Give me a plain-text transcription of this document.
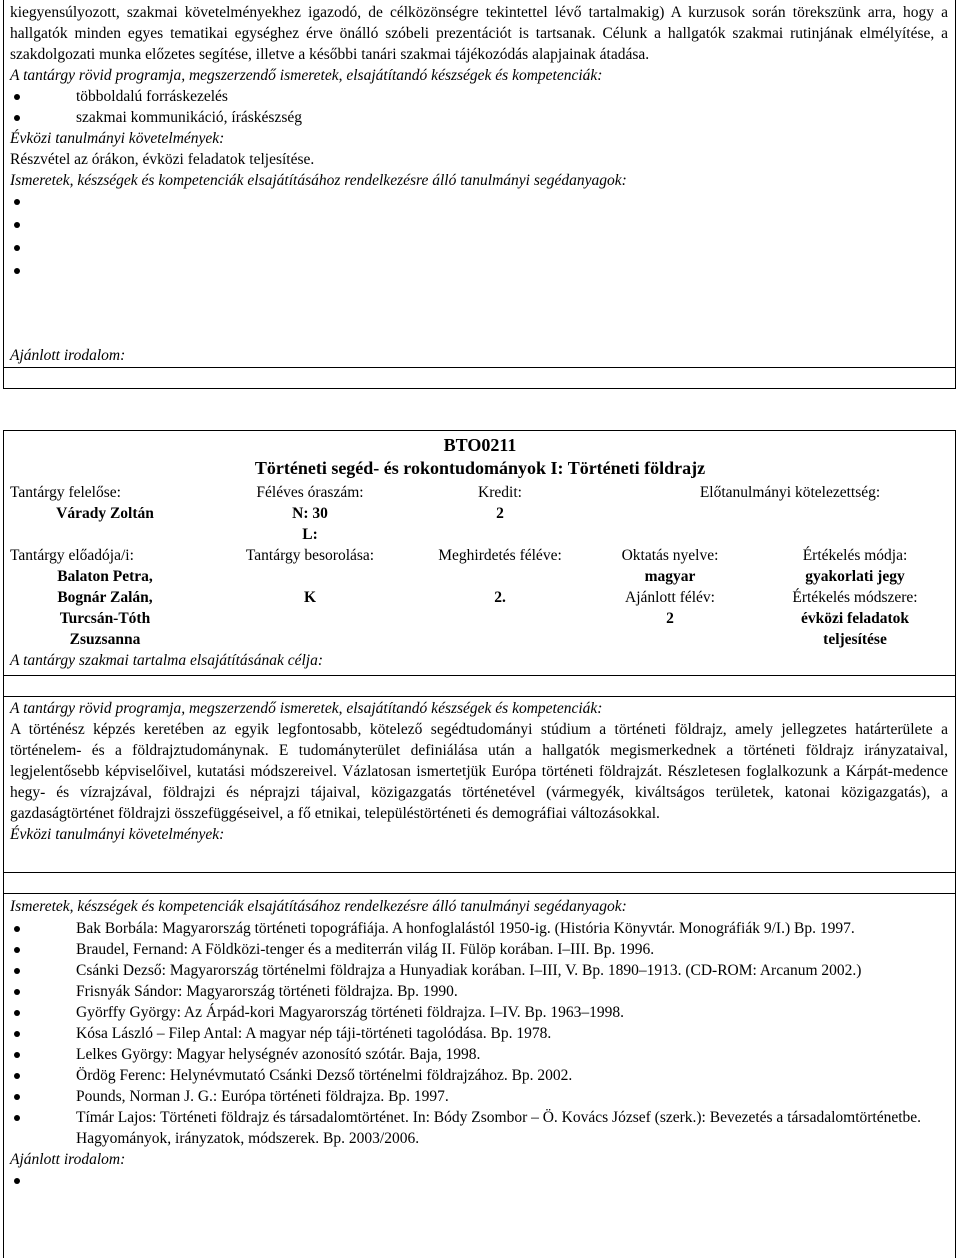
kiegyensúlyozott, szakmai követelményekhez igazodó, de célközönségre tekintettel lévő tartalmakig) A kurzusok során törekszünk arra, hogy a hallgatók minden egyes tematikai egységhez érve önálló szóbeli prezentációt is tartsanak. Célunk a hallgatók szakmai rutinjának elmélyítése, a szakdolgozati munka előzetes segítése, illetve a későbbi tanári szakmai tájékozódás alapjainak átadása.

A tantárgy rövid programja, megszerzendő ismeretek, elsajátítandó készségek és kompetenciák:

többoldalú forráskezelés
szakmai kommunikáció, íráskészség

Évközi tanulmányi követelmények:

Részvétel az órákon, évközi feladatok teljesítése.

Ismeretek, készségek és kompetenciák elsajátításához rendelkezésre álló tanulmányi segédanyagok:

Ajánlott irodalom:

BTO0211
Történeti segéd- és rokontudományok I: Történeti földrajz
Tantárgy felelőse:
Várady Zoltán
Féléves óraszám:
N: 30
L:
Kredit:
2
Előtanulmányi kötelezettség:
Tantárgy előadója/i:
Balaton Petra,
Bognár Zalán,
Turcsán-Tóth
Zsuzsanna
Tantárgy besorolása:
K
Meghirdetés féléve:
2.
Oktatás nyelve:
magyar
Ajánlott félév:
2
Értékelés módja:
gyakorlati jegy
Értékelés módszere:
évközi feladatok
teljesítése
A tantárgy szakmai tartalma elsajátításának célja:

A tantárgy rövid programja, megszerzendő ismeretek, elsajátítandó készségek és kompetenciák:

A történész képzés keretében az egyik legfontosabb, kötelező segédtudományi stúdium a történeti földrajz, amely jellegzetes határterülete a történelem- és a földrajztudománynak. E tudományterület definiálása után a hallgatók megismerkednek a történeti földrajz irányzataival, legjelentősebb képviselőivel, kutatási módszereivel. Vázlatosan ismertetjük Európa történeti földrajzát. Részletesen foglalkozunk a Kárpát-medence hegy- és vízrajzával, földrajzi és néprajzi tájaival, közigazgatás történetével (vármegyék, kiváltságos területek, katonai közigazgatás), a gazdaságtörténet földrajzi összefüggéseivel, a fő etnikai, településtörténeti és demográfiai változásokkal.

Évközi tanulmányi követelmények:

Ismeretek, készségek és kompetenciák elsajátításához rendelkezésre álló tanulmányi segédanyagok:

Bak Borbála: Magyarország történeti topográfiája. A honfoglalástól 1950-ig. (História Könyvtár. Monográfiák 9/I.) Bp. 1997.
Braudel, Fernand: A Földközi-tenger és a mediterrán világ II. Fülöp korában. I–III. Bp. 1996.
Csánki Dezső: Magyarország történelmi földrajza a Hunyadiak korában. I–III, V. Bp. 1890–1913. (CD-ROM: Arcanum 2002.)
Frisnyák Sándor: Magyarország történeti földrajza. Bp. 1990.
Györffy György: Az Árpád-kori Magyarország történeti földrajza. I–IV. Bp. 1963–1998.
Kósa László – Filep Antal: A magyar nép táji-történeti tagolódása. Bp. 1978.
Lelkes György: Magyar helységnév azonosító szótár. Baja, 1998.
Ördög Ferenc: Helynévmutató Csánki Dezső történelmi földrajzához. Bp. 2002.
Pounds, Norman J. G.: Európa történeti földrajza. Bp. 1997.
Tímár Lajos: Történeti földrajz és társadalomtörténet. In: Bódy Zsombor – Ö. Kovács József (szerk.): Bevezetés a társadalomtörténetbe. Hagyományok, irányzatok, módszerek. Bp. 2003/2006.

Ajánlott irodalom:
